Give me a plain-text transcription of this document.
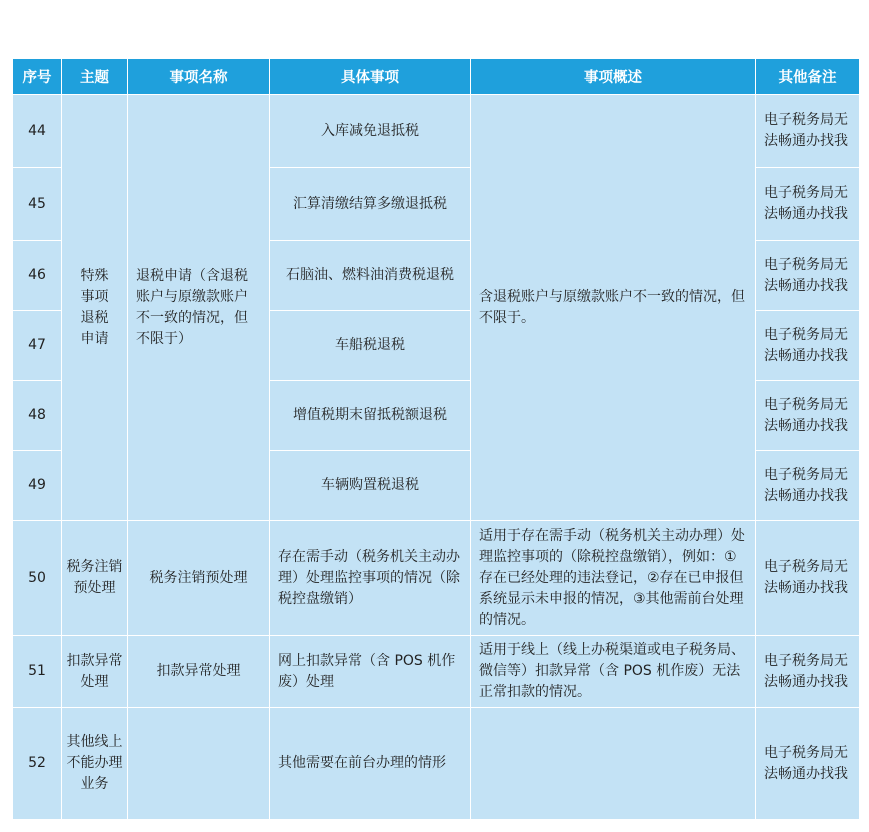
序号	主题	事项名称	具体事项	事项概述	其他备注
44	特殊事项退税申请	退税申请（含退税账户与原缴款账户不一致的情况，但不限于）	入库减免退抵税	含退税账户与原缴款账户不一致的情况，但不限于。	电子税务局无法畅通办找我
45			汇算清缴结算多缴退抵税		电子税务局无法畅通办找我
46			石脑油、燃料油消费税退税		电子税务局无法畅通办找我
47			车船税退税		电子税务局无法畅通办找我
48			增值税期末留抵税额退税		电子税务局无法畅通办找我
49			车辆购置税退税		电子税务局无法畅通办找我
50	税务注销预处理	税务注销预处理	存在需手动（税务机关主动办理）处理监控事项的情况（除税控盘缴销）	适用于存在需手动（税务机关主动办理）处理监控事项的（除税控盘缴销），例如：①存在已经处理的违法登记，②存在已申报但系统显示未申报的情况，③其他需前台处理的情况。	电子税务局无法畅通办找我
51	扣款异常处理	扣款异常处理	网上扣款异常（含 POS 机作废）处理	适用于线上（线上办税渠道或电子税务局、微信等）扣款异常（含 POS 机作废）无法正常扣款的情况。	电子税务局无法畅通办找我
52	其他线上不能办理业务		其他需要在前台办理的情形		电子税务局无法畅通办找我
